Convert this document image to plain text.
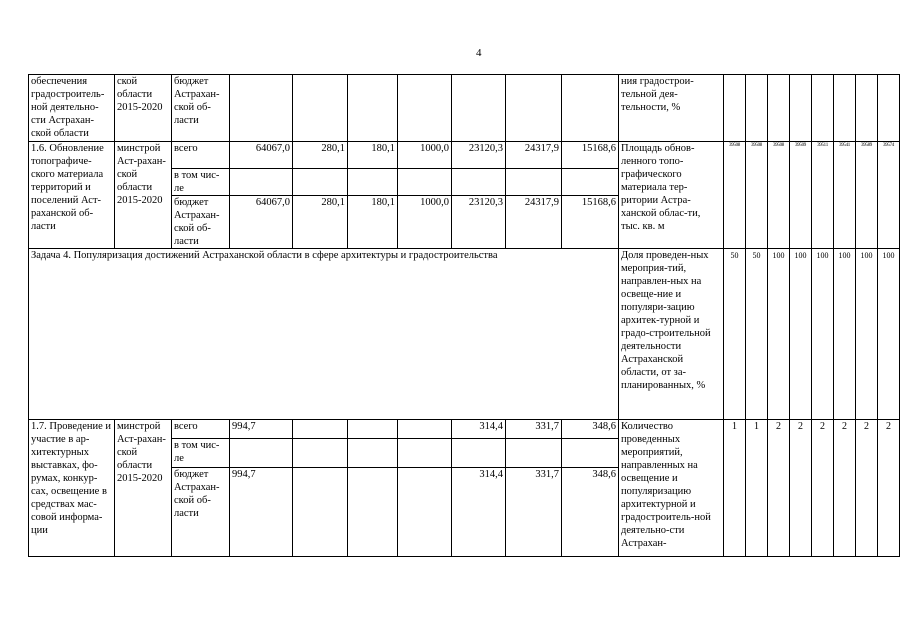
4
обеспечения градостроитель-ной деятельно-сти Астрахан-ской области	ской области 2015-2020	бюджет Астрахан-ской об-ласти								ния градострои-тельной дея-тельности, %								
1.6. Обновление топографиче-ского материала территорий и поселений Аст-раханской об-ласти	минстрой Аст-рахан-ской области 2015-2020	всего	64067,0	280,1	180,1	1000,0	23120,3	24317,9	15168,6	Площадь обнов-ленного топо-графического материала тер-ритории Астра-ханской облас-ти, тыс. кв. м	39508	39508	39508	39509	39511	39541	39589	39574
		в том чис-ле																
		бюджет Астрахан-ской об-ласти	64067,0	280,1	180,1	1000,0	23120,3	24317,9	15168,6									
Задача 4. Популяризация достижений Астраханской области в сфере архитектуры и градостроительства										Доля проведен-ных мероприя-тий, направлен-ных на освеще-ние и популяри-зацию архитек-турной и градо-строительной деятельности Астраханской области, от за-планированных, %	50	50	100	100	100	100	100	100
1.7. Проведение и участие в ар-хитектурных выставках, фо-румах, конкур-сах, освещение в средствах мас-совой информа-ции	минстрой Аст-рахан-ской области 2015-2020	всего	994,7				314,4	331,7	348,6	Количество проведенных мероприятий, направленных на освещение и популяризацию архитектурной и градостроитель-ной деятельно-сти Астрахан-	1	1	2	2	2	2	2	2
		в том чис-ле																
		бюджет Астрахан-ской об-ласти	994,7				314,4	331,7	348,6									
